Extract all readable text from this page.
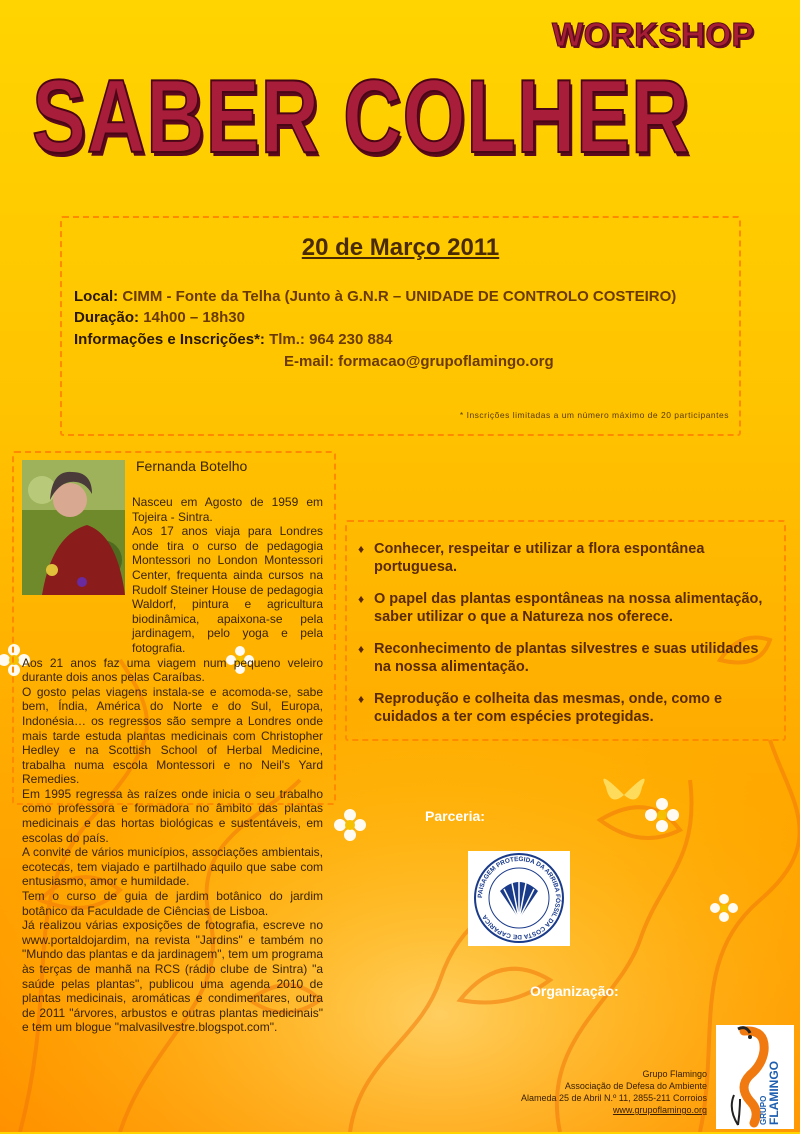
WORKSHOP
SABER COLHER
20 de Março 2011
Local: CIMM - Fonte da Telha (Junto à G.N.R – UNIDADE DE CONTROLO COSTEIRO)
Duração: 14h00 – 18h30
Informações e Inscrições*: Tlm.: 964 230 884
E-mail: formacao@grupoflamingo.org
* Inscrições limitadas a um número máximo de 20 participantes
Fernanda Botelho
Nasceu em Agosto de 1959 em Tojeira - Sintra.
Aos 17 anos viaja para Londres onde tira o curso de pedagogia Montessori no London Montessori Center, frequenta ainda cursos na Rudolf Steiner House de pedagogia Waldorf, pintura e agricultura biodinâmica, apaixona-se pela jardinagem, pelo yoga e pela fotografia.
Aos 21 anos faz uma viagem num pequeno veleiro durante dois anos pelas Caraíbas.
O gosto pelas viagens instala-se e acomoda-se, sabe bem, Índia, América do Norte e do Sul, Europa, Indonésia… os regressos são sempre a Londres onde mais tarde estuda plantas medicinais com Christopher Hedley e na Scottish School of Herbal Medicine, trabalha numa escola Montessori e no Neil's Yard Remedies.
Em 1995 regressa às raízes onde inicia o seu trabalho como professora e formadora no âmbito das plantas medicinais e das hortas biológicas e sustentáveis, em escolas do país.
A convite de vários municípios, associações ambientais, ecotecas, tem viajado e partilhado aquilo que sabe com entusiasmo, amor e humildade.
Tem o curso de guia de jardim botânico do jardim botânico da Faculdade de Ciências de Lisboa.
Já realizou várias exposições de fotografia, escreve no www.portaldojardim, na revista "Jardins" e também no "Mundo das plantas e da jardinagem", tem um programa às terças de manhã na RCS (rádio clube de Sintra) "a saúde pelas plantas", publicou uma agenda 2010 de plantas medicinais, aromáticas e condimentares, outra de 2011 "árvores, arbustos e outras plantas medicinais" e tem um blogue "malvasilvestre.blogspot.com".
♦ Conhecer, respeitar e utilizar a flora espontânea portuguesa.
♦ O papel das plantas espontâneas na nossa alimentação, saber utilizar o que a Natureza nos oferece.
♦ Reconhecimento de plantas silvestres e suas utilidades na nossa alimentação.
♦ Reprodução e colheita das mesmas, onde, como e cuidados a ter com espécies protegidas.
Parceria:
PAISAGEM PROTEGIDA DA ARRIBA FÓSSIL DA COSTA DE CAPARICA
Organização:
Grupo Flamingo
Associação de Defesa do Ambiente
Alameda 25 de Abril N.º 11, 2855-211 Corroios
www.grupoflamingo.org	FLAMINGO
GRUPO
